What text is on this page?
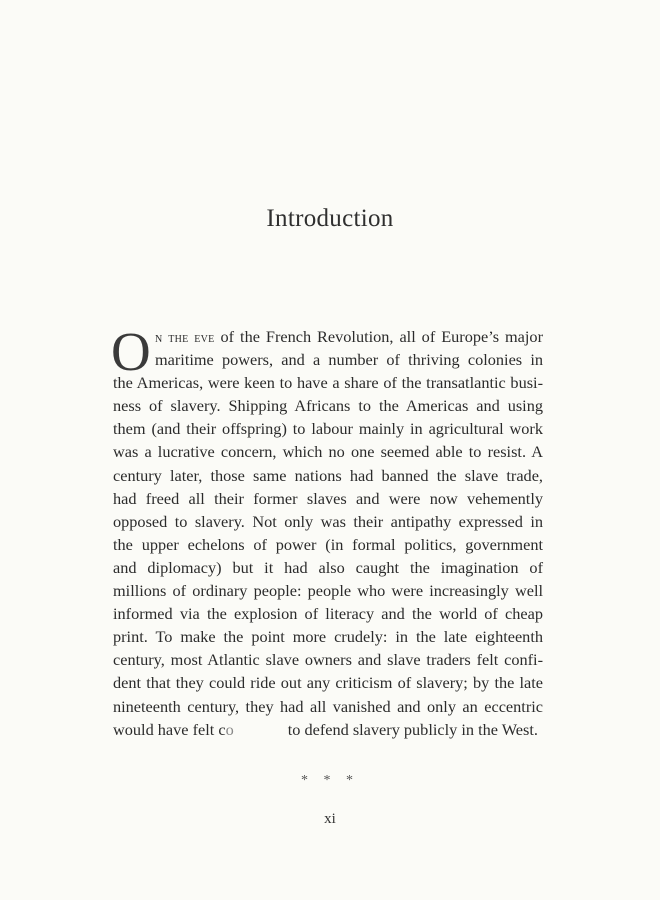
Introduction
O n the eve of the French Revolution, all of Europe’s major
maritime powers, and a number of thriving colonies in
the Americas, were keen to have a share of the transatlantic busi-
ness of slavery. Shipping Africans to the Americas and using
them (and their offspring) to labour mainly in agricultural work
was a lucrative concern, which no one seemed able to resist. A
century later, those same nations had banned the slave trade,
had freed all their former slaves and were now vehemently
opposed to slavery. Not only was their antipathy expressed in
the upper echelons of power (in formal politics, government
and diplomacy) but it had also caught the imagination of
millions of ordinary people: people who were increasingly well
informed via the explosion of literacy and the world of cheap
print. To make the point more crudely: in the late eighteenth
century, most Atlantic slave owners and slave traders felt confi-
dent that they could ride out any criticism of slavery; by the late
nineteenth century, they had all vanished and only an eccentric
would have felt co	to defend slavery publicly in the West.
* * *
xi
